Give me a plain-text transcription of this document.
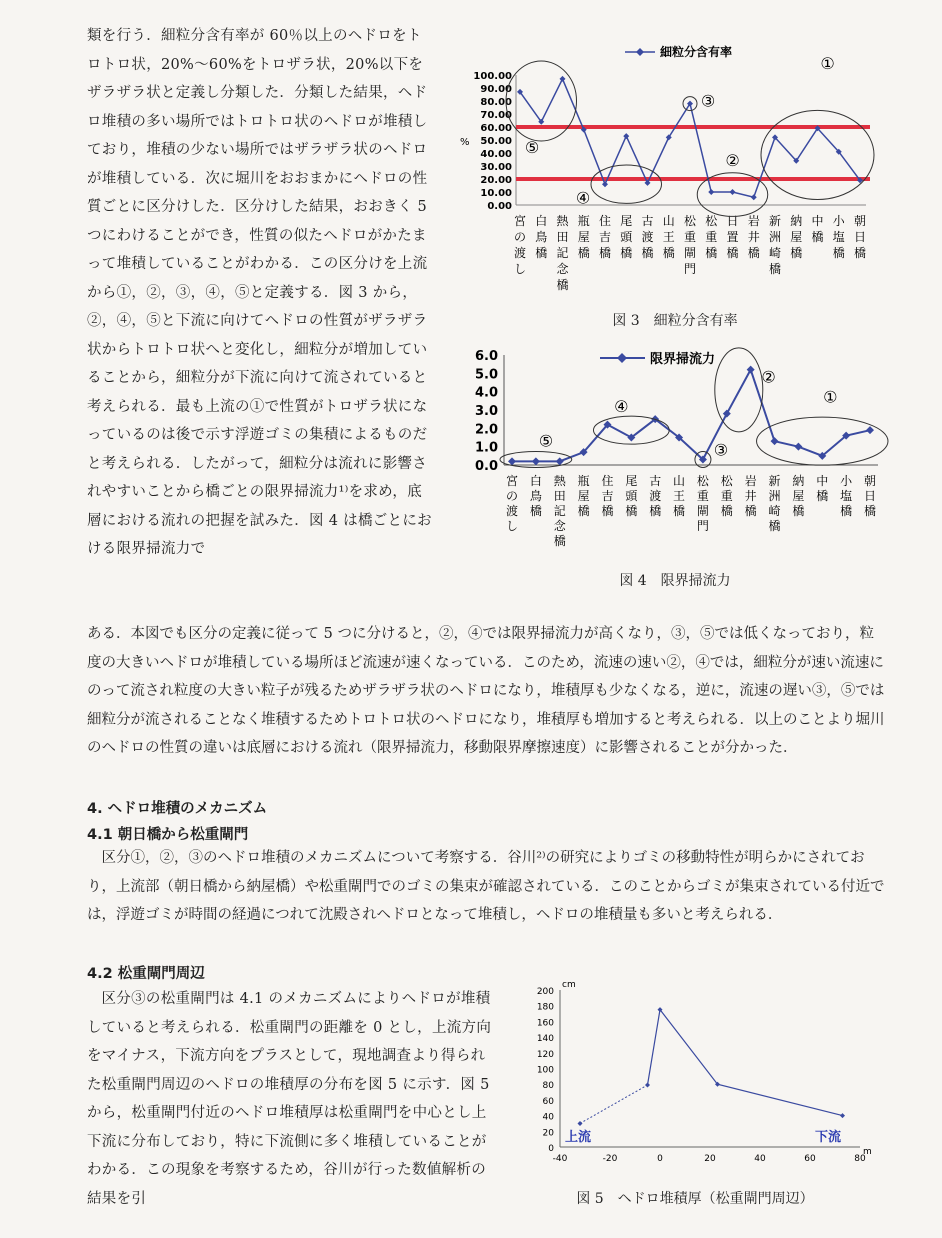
類を行う．細粒分含有率が 60％以上のヘドロをトロトロ状，20%～60%をトロザラ状，20%以下をザラザラ状と定義し分類した．分類した結果，ヘドロ堆積の多い場所ではトロトロ状のヘドロが堆積しており，堆積の少ない場所ではザラザラ状のヘドロが堆積している．次に堀川をおおまかにヘドロの性質ごとに区分けした．区分けした結果，おおきく 5 つにわけることができ，性質の似たヘドロがかたまって堆積していることがわかる．この区分けを上流から①，②，③，④，⑤と定義する．図 3 から，②，④，⑤と下流に向けてヘドロの性質がザラザラ状からトロトロ状へと変化し，細粒分が増加していることから，細粒分が下流に向けて流されていると考えられる．最も上流の①で性質がトロザラ状になっているのは後で示す浮遊ゴミの集積によるものだと考えられる．したがって，細粒分は流れに影響されやすいことから橋ごとの限界掃流力¹⁾を求め，底層における流れの把握を試みた．図 4 は橋ごとにおける限界掃流力で

0.00
10.00
20.00
30.00
40.00
50.00
60.00
70.00
80.00
90.00
100.00
%
細粒分含有率
宮
の
渡
し
白
鳥
橋
熱
田
記
念
橋
瓶
屋
橋
住
吉
橋
尾
頭
橋
古
渡
橋
山
王
橋
松
重
閘
門
松
重
橋
日
置
橋
岩
井
橋
新
洲
崎
橋
納
屋
橋
中
橋
小
塩
橋
朝
日
橋
①
②
③
④
⑤
図 3　細粒分含有率
0.0
1.0
2.0
3.0
4.0
5.0
6.0	限界掃流力
宮
の
渡
し
白
鳥
橋
熱
田
記
念
橋
瓶
屋
橋
住
吉
橋
尾
頭
橋
古
渡
橋
山
王
橋
松
重
閘
門
松
重
橋
岩
井
橋
新
洲
崎
橋
納
屋
橋
中
橋
小
塩
橋
朝
日
橋
①
②
③
④
⑤
図 4　限界掃流力

ある．本図でも区分の定義に従って 5 つに分けると，②，④では限界掃流力が高くなり，③，⑤では低くなっており，粒度の大きいヘドロが堆積している場所ほど流速が速くなっている．このため，流速の速い②，④では，細粒分が速い流速にのって流され粒度の大きい粒子が残るためザラザラ状のヘドロになり，堆積厚も少なくなる，逆に，流速の遅い③，⑤では細粒分が流されることなく堆積するためトロトロ状のヘドロになり，堆積厚も増加すると考えられる．以上のことより堀川のヘドロの性質の違いは底層における流れ（限界掃流力，移動限界摩擦速度）に影響されることが分かった．

4. ヘドロ堆積のメカニズム
4.1 朝日橋から松重閘門

区分①，②，③のヘドロ堆積のメカニズムについて考察する．谷川²⁾の研究によりゴミの移動特性が明らかにされており，上流部（朝日橋から納屋橋）や松重閘門でのゴミの集束が確認されている．このことからゴミが集束されている付近では，浮遊ゴミが時間の経過につれて沈殿されヘドロとなって堆積し，ヘドロの堆積量も多いと考えられる．

4.2 松重閘門周辺

区分③の松重閘門は 4.1 のメカニズムによりヘドロが堆積していると考えられる．松重閘門の距離を 0 とし，上流方向をマイナス，下流方向をプラスとして，現地調査より得られた松重閘門周辺のヘドロの堆積厚の分布を図 5 に示す．図 5 から，松重閘門付近のヘドロ堆積厚は松重閘門を中心とし上下流に分布しており，特に下流側に多く堆積していることがわかる．この現象を考察するため，谷川が行った数値解析の結果を引

0
20
40
60
80
100
120
140
160
180
200
-40	-20	0	20	40	60	80
cm
m
上流	下流
図 5　ヘドロ堆積厚（松重閘門周辺）
